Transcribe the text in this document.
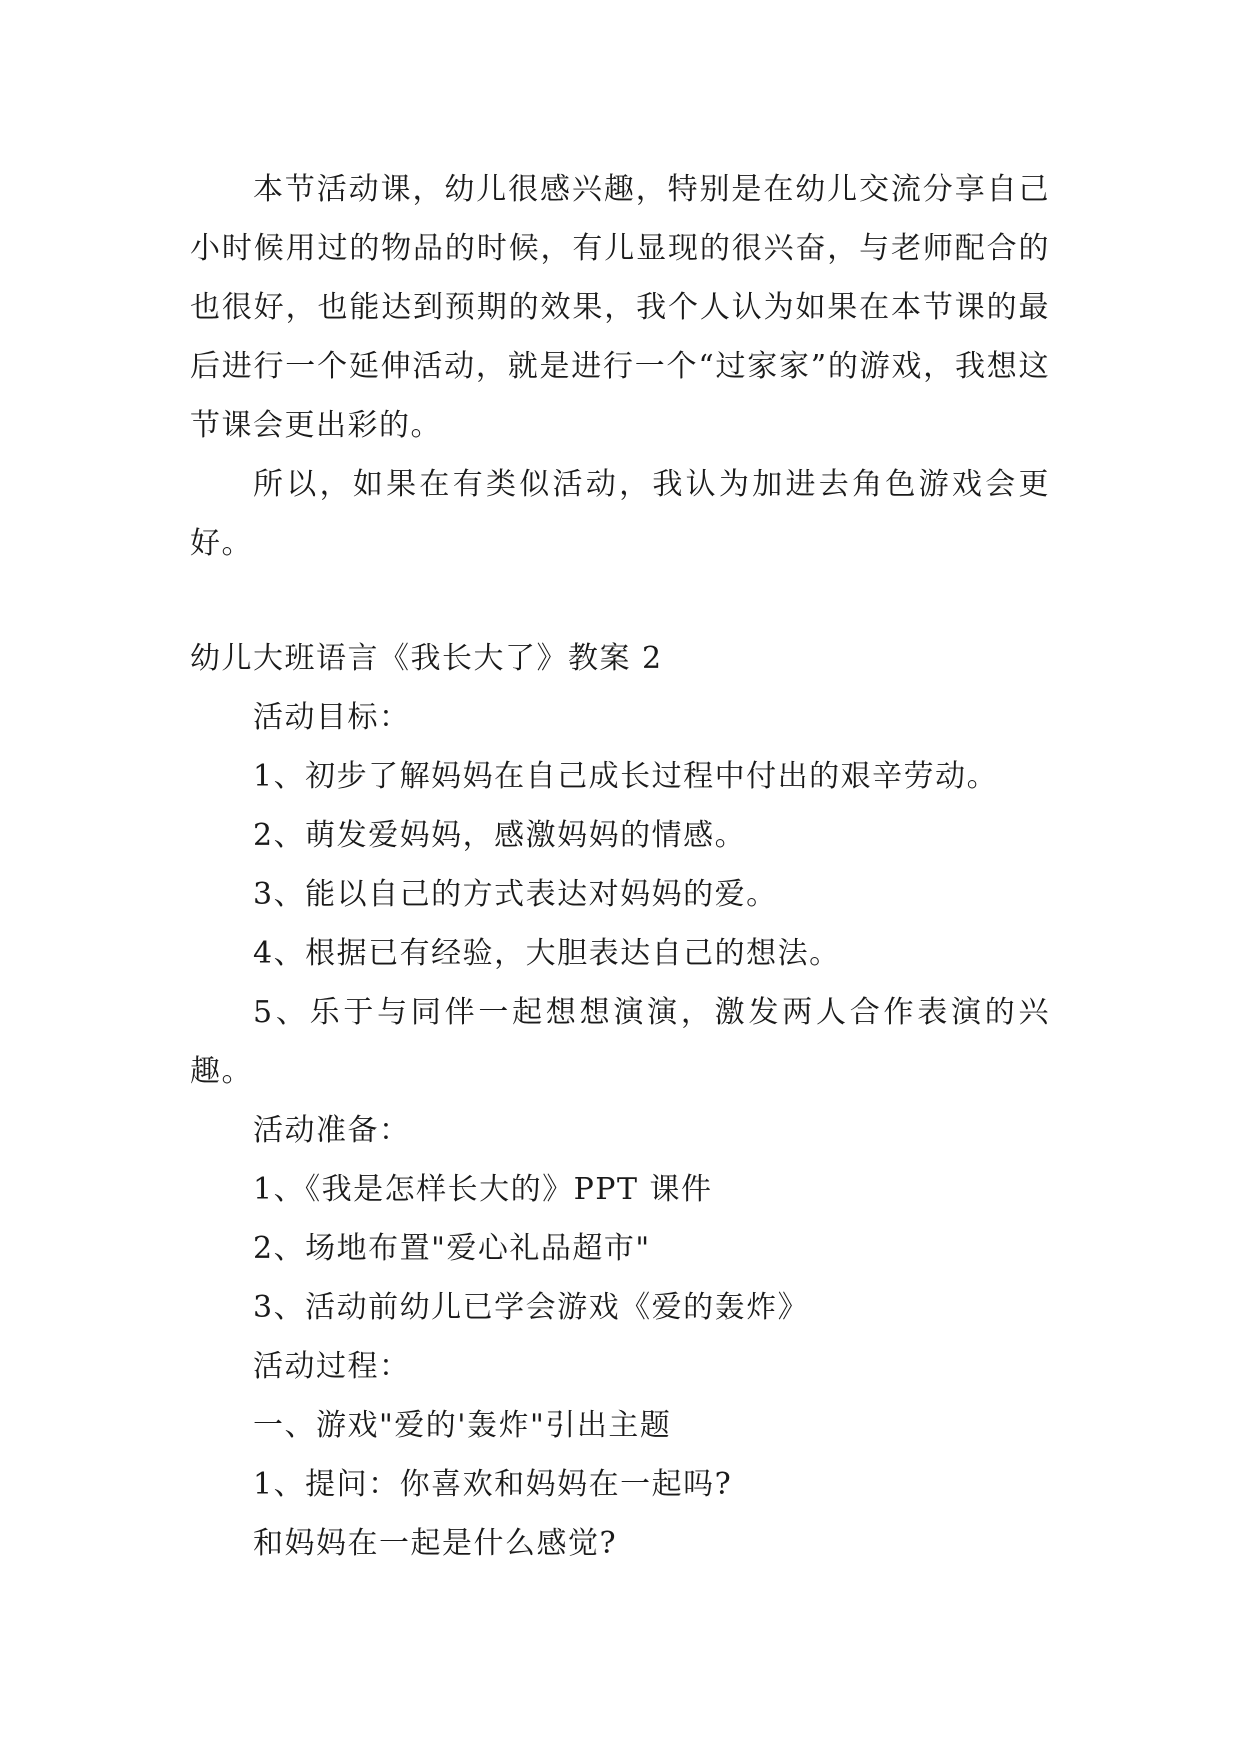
本节活动课，幼儿很感兴趣，特别是在幼儿交流分享自己小时候用过的物品的时候，有儿显现的很兴奋，与老师配合的也很好，也能达到预期的效果，我个人认为如果在本节课的最后进行一个延伸活动，就是进行一个“过家家”的游戏，我想这节课会更出彩的。

所以，如果在有类似活动，我认为加进去角色游戏会更好。

幼儿大班语言《我长大了》教案 2

活动目标：

1、初步了解妈妈在自己成长过程中付出的艰辛劳动。

2、萌发爱妈妈，感激妈妈的情感。

3、能以自己的方式表达对妈妈的爱。

4、根据已有经验，大胆表达自己的想法。

5、乐于与同伴一起想想演演，激发两人合作表演的兴趣。

活动准备：

1、《我是怎样长大的》PPT 课件

2、场地布置"爱心礼品超市"

3、活动前幼儿已学会游戏《爱的轰炸》

活动过程：

一、游戏"爱的'轰炸"引出主题

1、提问：你喜欢和妈妈在一起吗?

和妈妈在一起是什么感觉?
